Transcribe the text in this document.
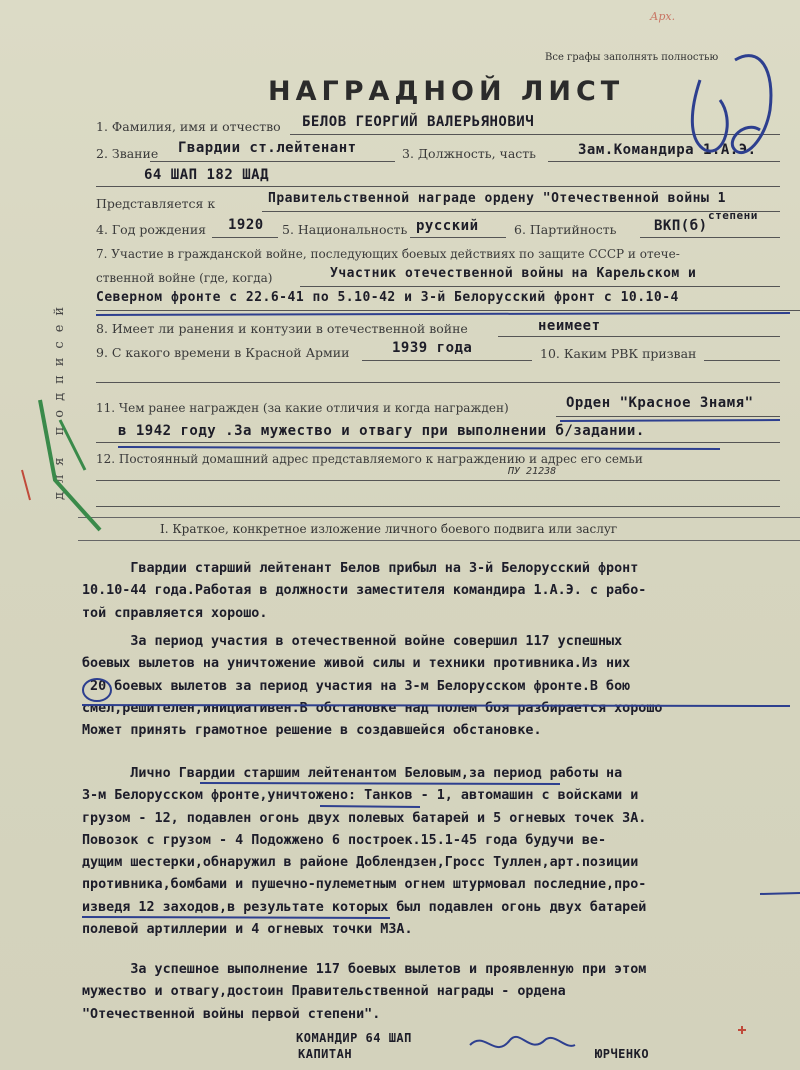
Все графы заполнять полностью
НАГРАДНОЙ ЛИСТ
Арх.
1. Фамилия, имя и отчество БЕЛОВ ГЕОРГИЙ ВАЛЕРЬЯНОВИЧ
2. Звание Гвардии ст.лейтенант	3. Должность, часть	Зам.Командира 1.А.Э.
64 ШАП 182 ШАД
Представляется к	Правительственной награде ордену "Отечественной войны 1
4. Год рождения 1920 5. Национальность русский	6. Партийность	ВКП(б)
степени
7. Участие в гражданской войне, последующих боевых действиях по защите СССР и отече-
ственной войне (где, когда)	Участник отечественной войны на Карельском и
Северном фронте с 22.6-41 по 5.10-42 и 3-й Белорусский фронт с 10.10-4
8. Имеет ли ранения и контузии в отечественной войне	неимеет
9. С какого времени в Красной Армии	1939 года	10. Каким РВК призван
11. Чем ранее награжден (за какие отличия и когда награжден)	Орден "Красное Знамя"
в 1942 году .За мужество и отвагу при выполнении б/задании.
12. Постоянный домашний адрес представляемого к награждению и адрес его семьи
ПУ 21238
для подписей
I. Краткое, конкретное изложение личного боевого подвига или заслуг
Гвардии старший лейтенант Белов прибыл на 3-й Белорусский фронт
10.10-44 года.Работая в должности заместителя командира 1.А.Э. с рабо-
той справляется хорошо.
За период участия в отечественной войне совершил 117 успешных
боевых вылетов на уничтожение живой силы и техники противника.Из них
20 боевых вылетов за период участия на 3-м Белорусском фронте.В бою
смел,решителен,инициативен.В обстановке над полем боя разбирается хорошо
Может принять грамотное решение в создавшейся обстановке.
Лично Гвардии старшим лейтенантом Беловым,за период работы на
3-м Белорусском фронте,уничтожено: Танков - 1, автомашин с войсками и
грузом - 12, подавлен огонь двух полевых батарей и 5 огневых точек ЗА.
Повозок с грузом - 4 Подожжено 6 построек.15.1-45 года будучи ве-
дущим шестерки,обнаружил в районе Доблендзен,Гросс Туллен,арт.позиции
противника,бомбами и пушечно-пулеметным огнем штурмовал последние,про-
изведя 12 заходов,в результате которых был подавлен огонь двух батарей
полевой артиллерии и 4 огневых точки МЗА.
За успешное выполнение 117 боевых вылетов и проявленную при этом
мужество и отвагу,достоин Правительственной награды - ордена
"Отечественной войны первой степени".
КОМАНДИР 64 ШАП
КАПИТАН	ЮРЧЕНКО
